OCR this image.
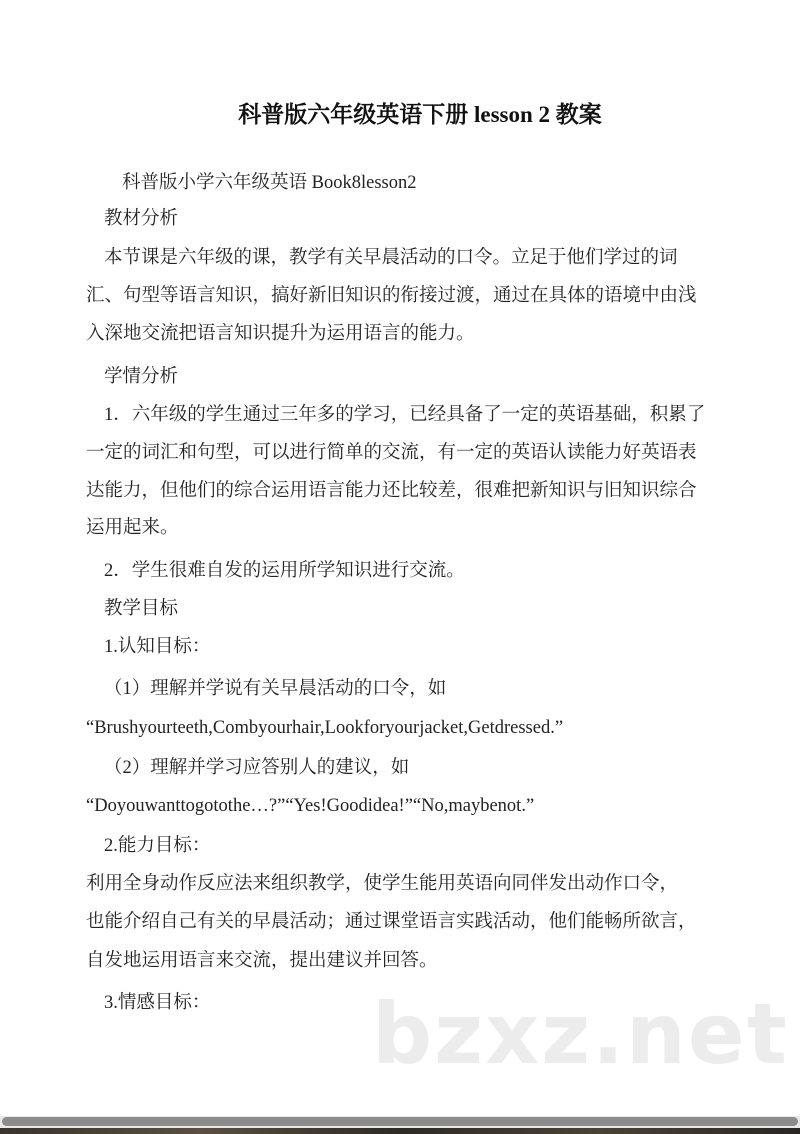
科普版六年级英语下册 lesson 2 教案
科普版小学六年级英语 Book8lesson2
教材分析
本节课是六年级的课，教学有关早晨活动的口令。立足于他们学过的词
汇、句型等语言知识，搞好新旧知识的衔接过渡，通过在具体的语境中由浅
入深地交流把语言知识提升为运用语言的能力。
学情分析
1．六年级的学生通过三年多的学习，已经具备了一定的英语基础，积累了
一定的词汇和句型，可以进行简单的交流，有一定的英语认读能力好英语表
达能力，但他们的综合运用语言能力还比较差，很难把新知识与旧知识综合
运用起来。
2．学生很难自发的运用所学知识进行交流。
教学目标
1.认知目标：
（1）理解并学说有关早晨活动的口令，如
“Brushyourteeth,Combyourhair,Lookforyourjacket,Getdressed.”
（2）理解并学习应答别人的建议，如
“Doyouwanttogotothe…?”“Yes!Goodidea!”“No,maybenot.”
2.能力目标：
利用全身动作反应法来组织教学，使学生能用英语向同伴发出动作口令，
也能介绍自己有关的早晨活动；通过课堂语言实践活动，他们能畅所欲言，
自发地运用语言来交流，提出建议并回答。
3.情感目标： bzxz.net
